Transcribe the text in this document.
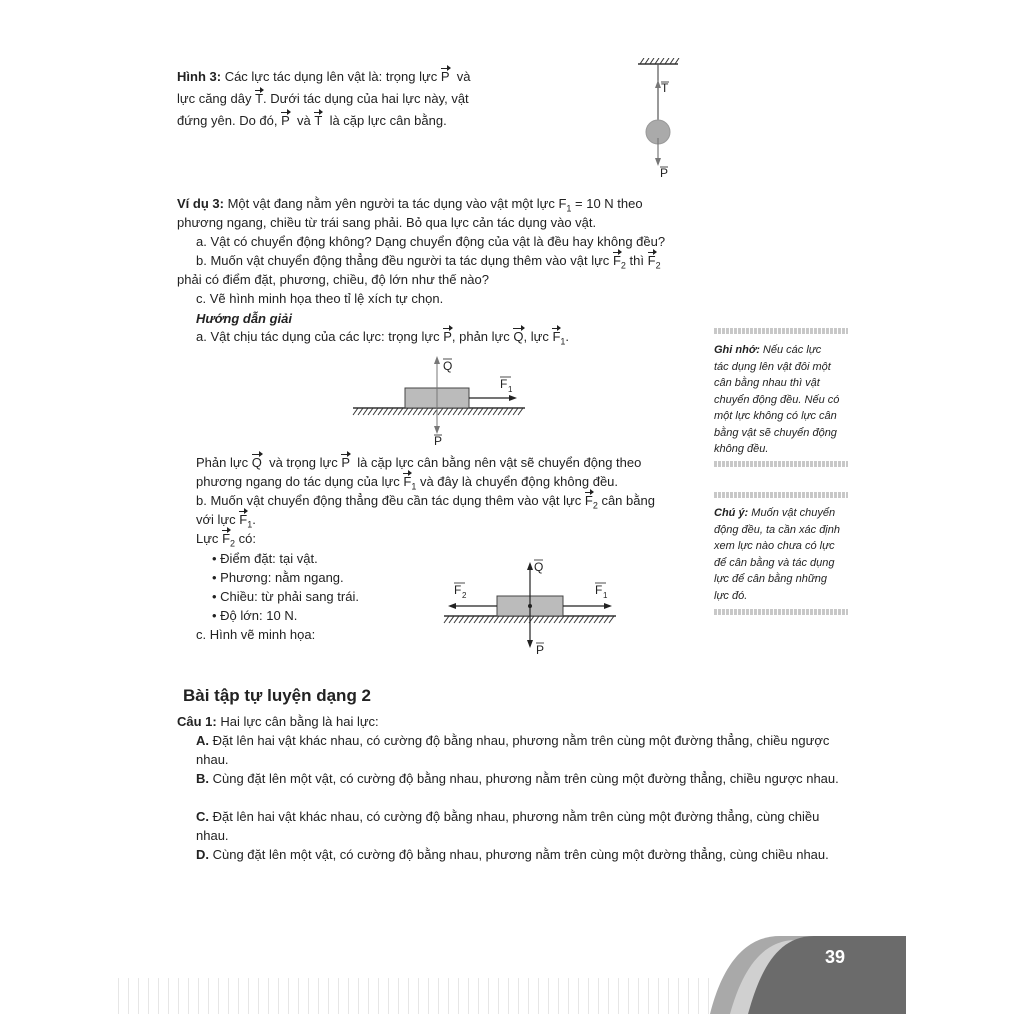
Hình 3: Các lực tác dụng lên vật là: trọng lực P và
lực căng dây T. Dưới tác dụng của hai lực này, vật
đứng yên. Do đó, P và T là cặp lực cân bằng.
T
P
Ví dụ 3: Một vật đang nằm yên người ta tác dụng vào vật một lực $F_1 = 10$ N theo
phương ngang, chiều từ trái sang phải. Bỏ qua lực cản tác dụng vào vật.
a. Vật có chuyển động không? Dạng chuyển động của vật là đều hay không đều?
b. Muốn vật chuyển động thẳng đều người ta tác dụng thêm vào vật lực $F_2$ thì $F_2$
phải có điểm đặt, phương, chiều, độ lớn như thế nào?
c. Vẽ hình minh họa theo tỉ lệ xích tự chọn.
Hướng dẫn giải
a. Vật chịu tác dụng của các lực: trọng lực P, phản lực Q, lực $F_1$.
Q
F 1
P
Phản lực Q và trọng lực P là cặp lực cân bằng nên vật sẽ chuyển động theo
phương ngang do tác dụng của lực $F_1$ và đây là chuyển động không đều.
b. Muốn vật chuyển động thẳng đều cần tác dụng thêm vào vật lực $F_2$ cân bằng
với lực $F_1$.
Lực $F_2$ có:
• Điểm đặt: tại vật.
• Phương: nằm ngang.
• Chiều: từ phải sang trái.
• Độ lớn: 10 N.
c. Hình vẽ minh họa:
Q
F 2	F 1
P
Ghi nhớ: Nếu các lực
tác dụng lên vật đôi một
cân bằng nhau thì vật
chuyển động đều. Nếu có
một lực không có lực cân
bằng vật sẽ chuyển động
không đều.
Chú ý: Muốn vật chuyển
động đều, ta cần xác định
xem lực nào chưa có lực
để cân bằng và tác dụng
lực để cân bằng những
lực đó.
Bài tập tự luyện dạng 2
Câu 1: Hai lực cân bằng là hai lực:
A. Đặt lên hai vật khác nhau, có cường độ bằng nhau, phương nằm trên cùng một đường thẳng, chiều ngược nhau.
B. Cùng đặt lên một vật, có cường độ bằng nhau, phương nằm trên cùng một đường thẳng, chiều ngược nhau.
C. Đặt lên hai vật khác nhau, có cường độ bằng nhau, phương nằm trên cùng một đường thẳng, cùng chiều nhau.
D. Cùng đặt lên một vật, có cường độ bằng nhau, phương nằm trên cùng một đường thẳng, cùng chiều nhau.
39
